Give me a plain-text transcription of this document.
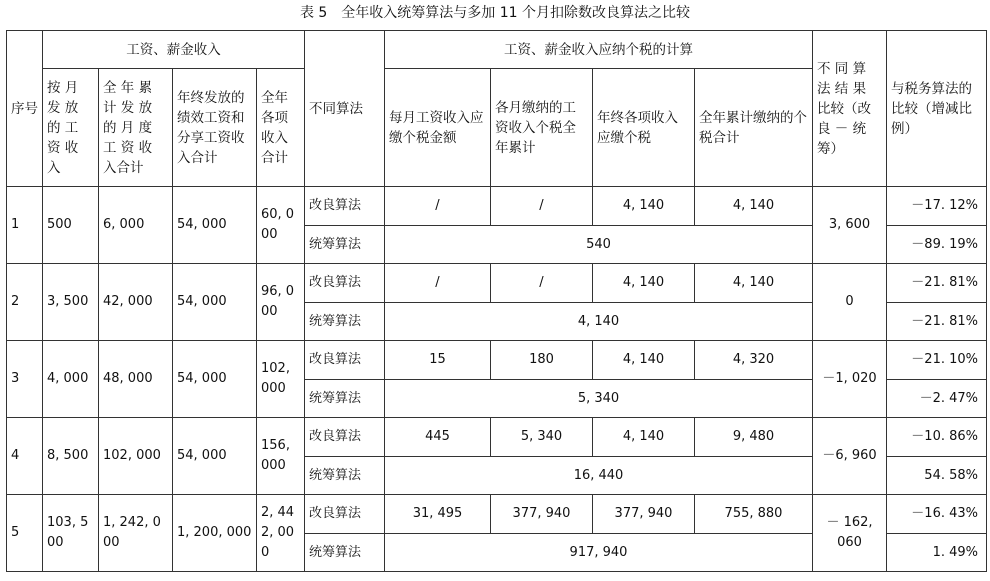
表 5　全年收入统筹算法与多加 11 个月扣除数改良算法之比较
序号	工资、薪金收入				不同算法	工资、薪金收入应纳个税的计算				不 同 算 法 结 果 比较（改良 － 统筹）	与税务算法的比较（增减比例）
	按 月 发 放 的 工 资 收 入	全 年 累 计 发 放 的 月 度 工 资 收 入合计	年终发放的绩效工资和分享工资收入合计	全年各项收入合计		每月工资收入应缴个税金额	各月缴纳的工资收入个税全年累计	年终各项收入应缴个税	全年累计缴纳的个税合计		
1	500	6, 000	54, 000	60, 000	改良算法	/	/	4, 140	4, 140	3, 600	－17. 12%
					统筹算法	540					－89. 19%
2	3, 500	42, 000	54, 000	96, 000	改良算法	/	/	4, 140	4, 140	0	－21. 81%
					统筹算法	4, 140					－21. 81%
3	4, 000	48, 000	54, 000	102, 000	改良算法	15	180	4, 140	4, 320	－1, 020	－21. 10%
					统筹算法	5, 340					－2. 47%
4	8, 500	102, 000	54, 000	156, 000	改良算法	445	5, 340	4, 140	9, 480	－6, 960	－10. 86%
					统筹算法	16, 440					54. 58%
5	103, 500	1, 242, 000	1, 200, 000	2, 442, 000	改良算法	31, 495	377, 940	377, 940	755, 880	－ 162, 060	－16. 43%
					统筹算法	917, 940					1. 49%
